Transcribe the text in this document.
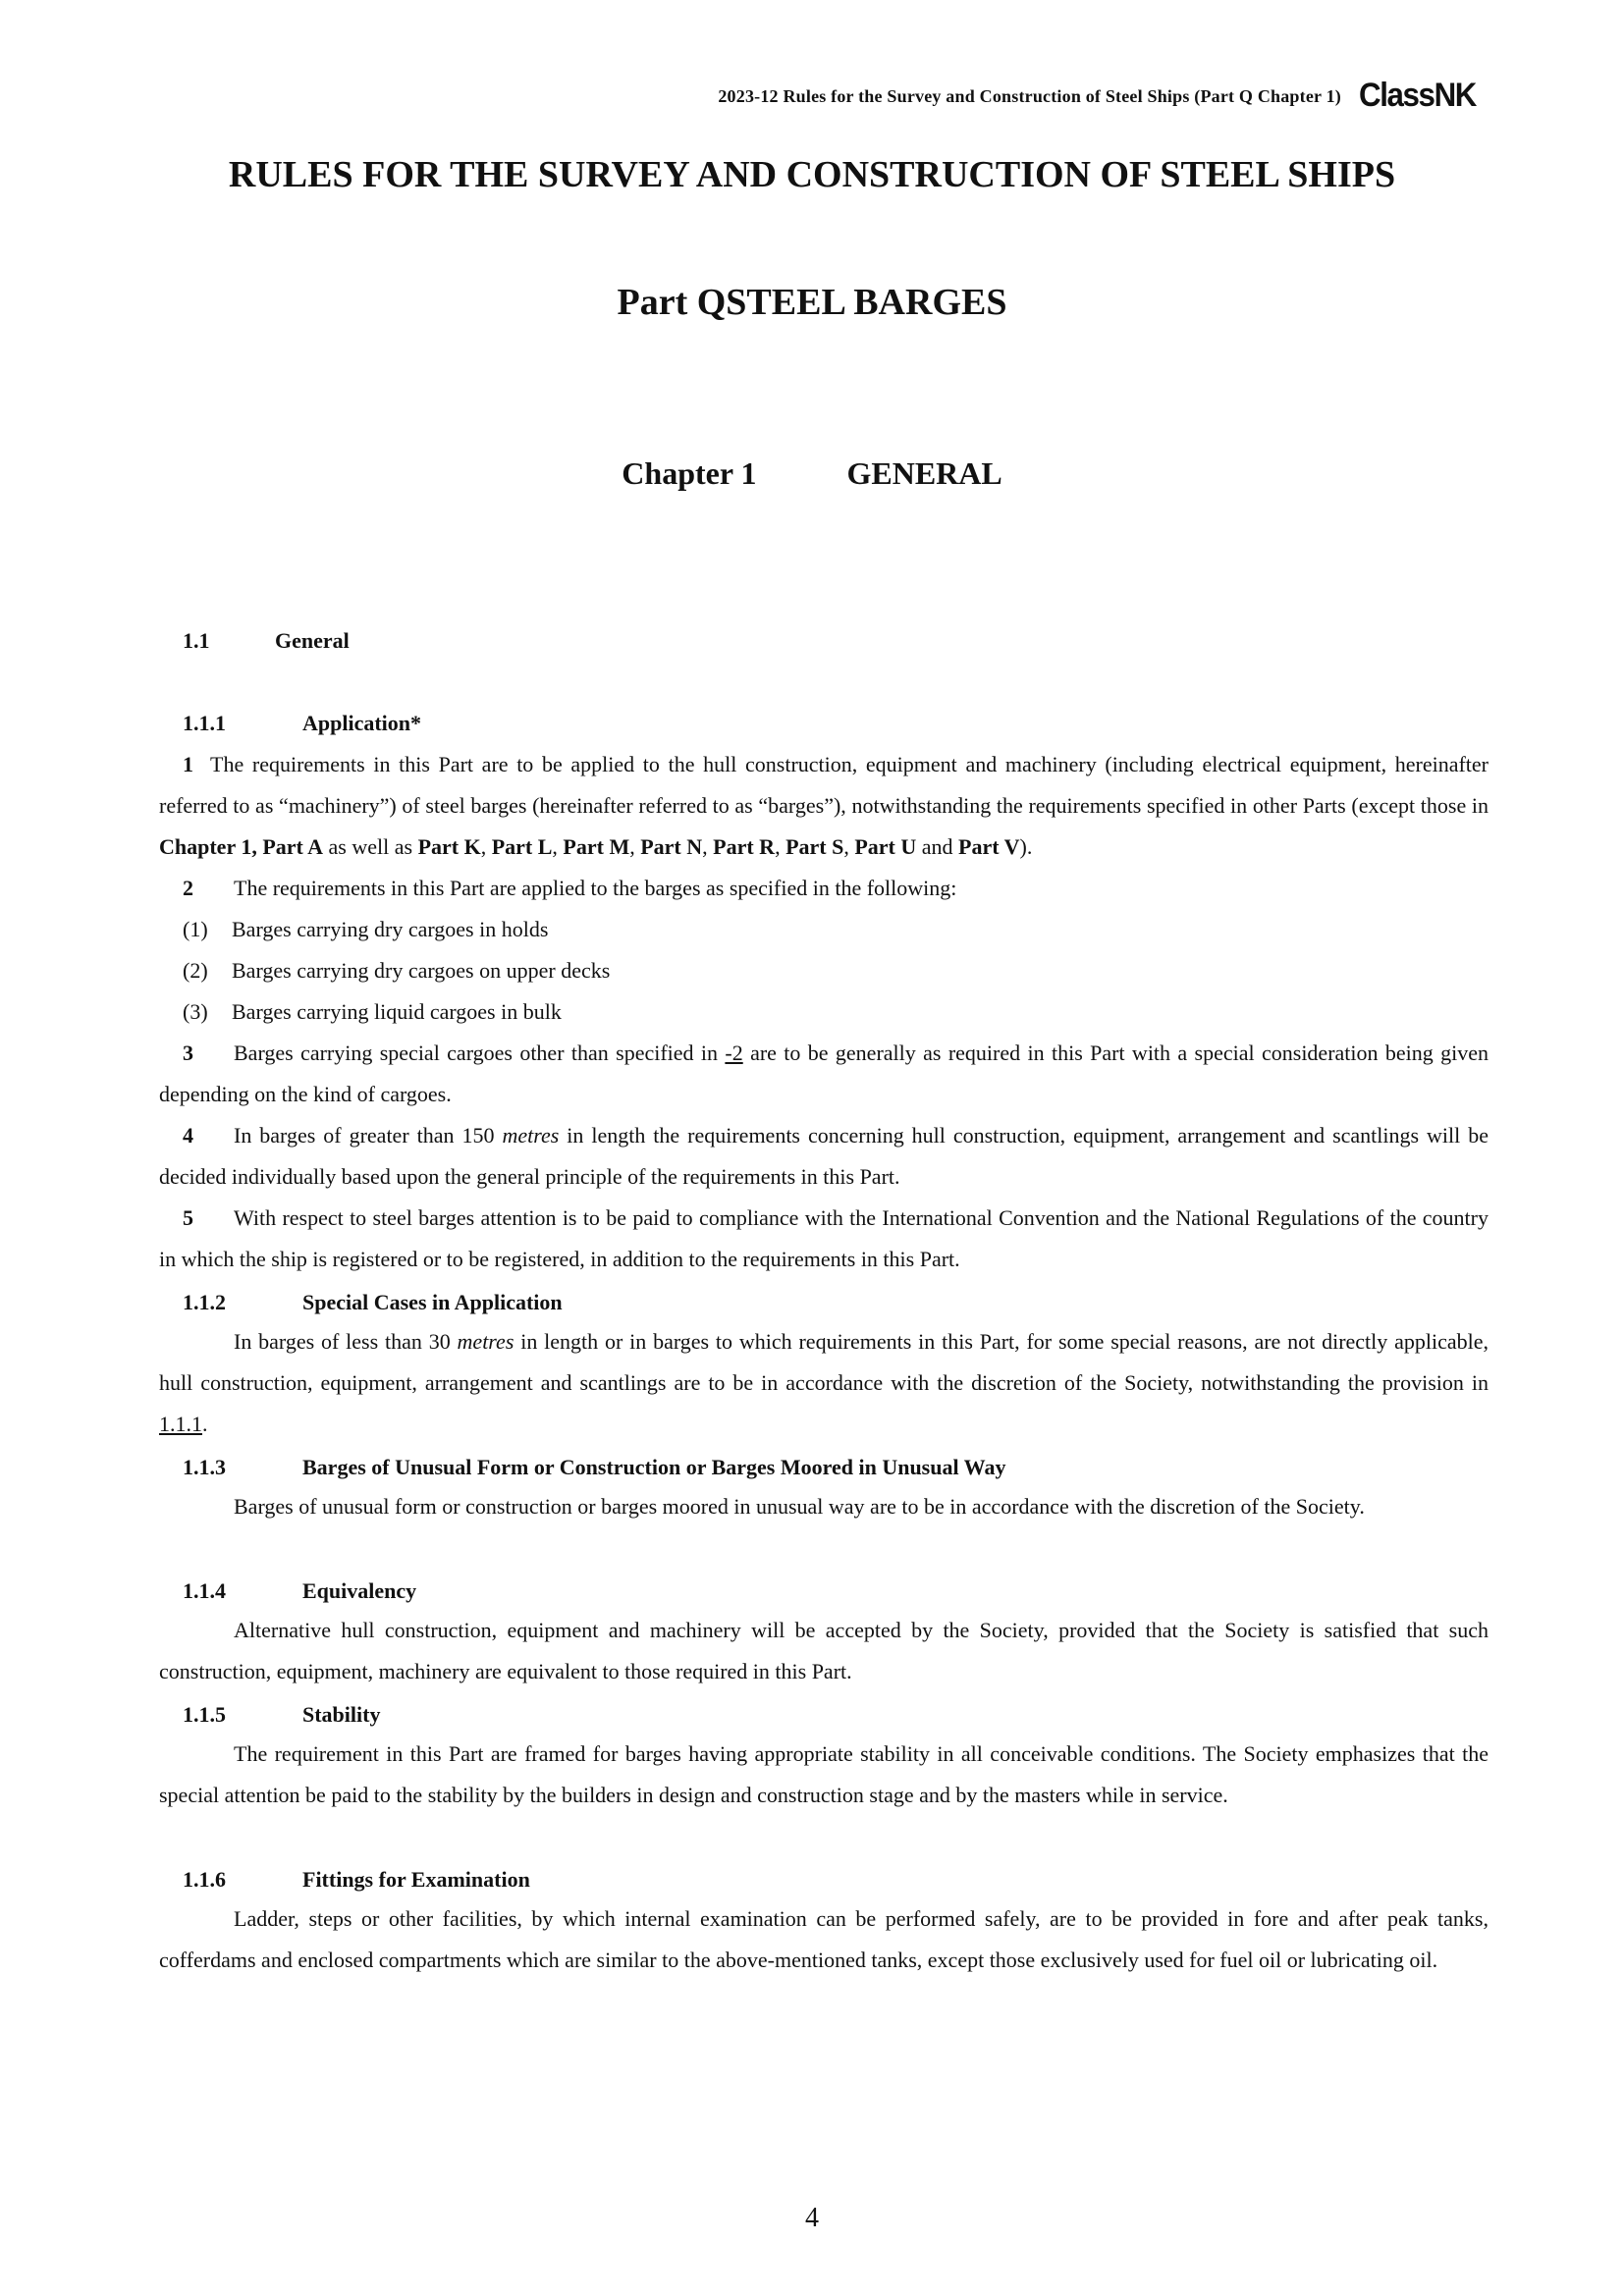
2023-12 Rules for the Survey and Construction of Steel Ships (Part Q Chapter 1) ClassNK
RULES FOR THE SURVEY AND CONSTRUCTION OF STEEL SHIPS
Part QSTEEL BARGES
Chapter 1	GENERAL
1.1	General
1.1.1	Application*
1 The requirements in this Part are to be applied to the hull construction, equipment and machinery (including electrical equipment, hereinafter referred to as “machinery”) of steel barges (hereinafter referred to as “barges”), notwithstanding the requirements specified in other Parts (except those in Chapter 1, Part A as well as Part K, Part L, Part M, Part N, Part R, Part S, Part U and Part V).
2 The requirements in this Part are applied to the barges as specified in the following:
(1) Barges carrying dry cargoes in holds
(2) Barges carrying dry cargoes on upper decks
(3) Barges carrying liquid cargoes in bulk
3 Barges carrying special cargoes other than specified in -2 are to be generally as required in this Part with a special consideration being given depending on the kind of cargoes.
4 In barges of greater than 150 metres in length the requirements concerning hull construction, equipment, arrangement and scantlings will be decided individually based upon the general principle of the requirements in this Part.
5 With respect to steel barges attention is to be paid to compliance with the International Convention and the National Regulations of the country in which the ship is registered or to be registered, in addition to the requirements in this Part.
1.1.2	Special Cases in Application
In barges of less than 30 metres in length or in barges to which requirements in this Part, for some special reasons, are not directly applicable, hull construction, equipment, arrangement and scantlings are to be in accordance with the discretion of the Society, notwithstanding the provision in 1.1.1.
1.1.3	Barges of Unusual Form or Construction or Barges Moored in Unusual Way
Barges of unusual form or construction or barges moored in unusual way are to be in accordance with the discretion of the Society.
1.1.4	Equivalency
Alternative hull construction, equipment and machinery will be accepted by the Society, provided that the Society is satisfied that such construction, equipment, machinery are equivalent to those required in this Part.
1.1.5	Stability
The requirement in this Part are framed for barges having appropriate stability in all conceivable conditions. The Society emphasizes that the special attention be paid to the stability by the builders in design and construction stage and by the masters while in service.
1.1.6	Fittings for Examination
Ladder, steps or other facilities, by which internal examination can be performed safely, are to be provided in fore and after peak tanks, cofferdams and enclosed compartments which are similar to the above-mentioned tanks, except those exclusively used for fuel oil or lubricating oil.
4
